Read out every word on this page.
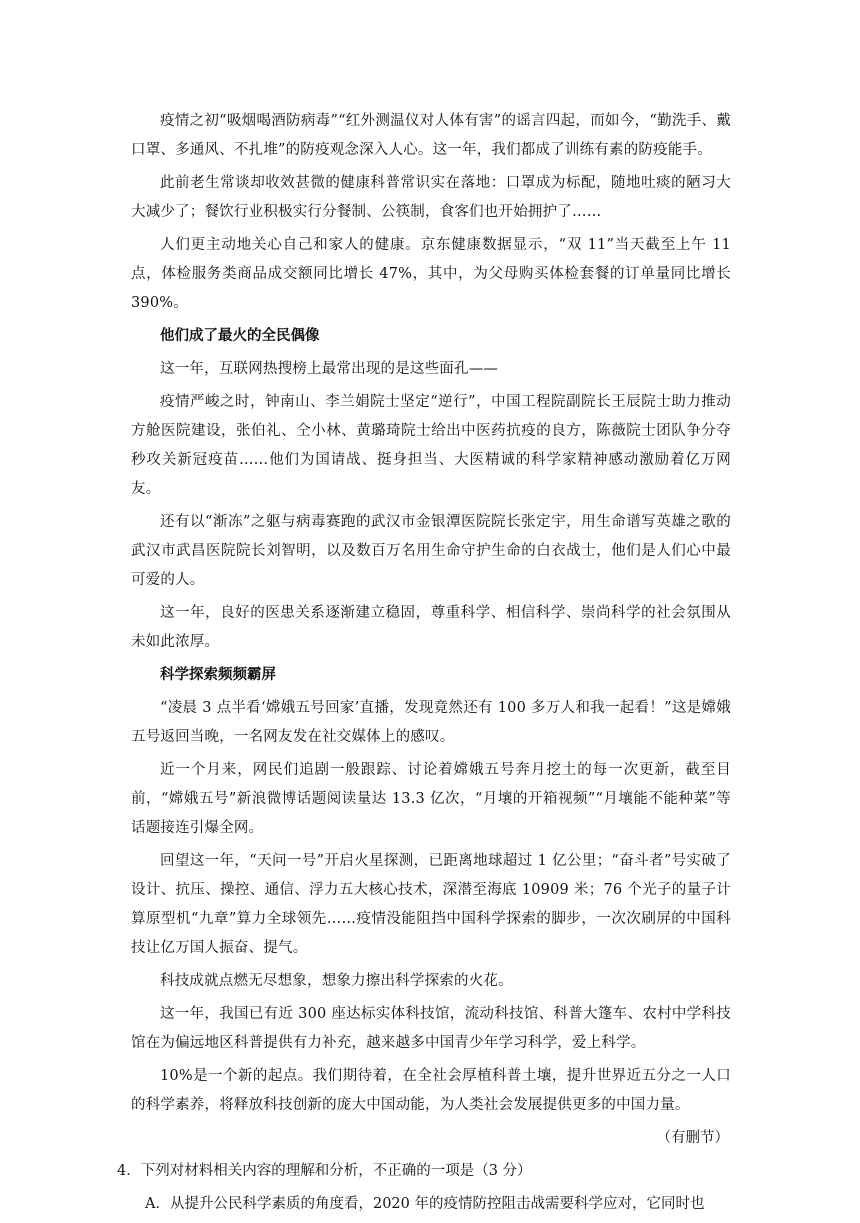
疫情之初“吸烟喝酒防病毒”“红外测温仪对人体有害”的谣言四起，而如今，“勤洗手、戴口罩、多通风、不扎堆”的防疫观念深入人心。这一年，我们都成了训练有素的防疫能手。

此前老生常谈却收效甚微的健康科普常识实在落地：口罩成为标配，随地吐痰的陋习大大减少了；餐饮行业积极实行分餐制、公筷制，食客们也开始拥护了……

人们更主动地关心自己和家人的健康。京东健康数据显示，“双 11”当天截至上午 11 点，体检服务类商品成交额同比增长 47%，其中，为父母购买体检套餐的订单量同比增长 390%。

他们成了最火的全民偶像

这一年，互联网热搜榜上最常出现的是这些面孔——

疫情严峻之时，钟南山、李兰娟院士坚定“逆行”，中国工程院副院长王辰院士助力推动方舱医院建设，张伯礼、仝小林、黄璐琦院士给出中医药抗疫的良方，陈薇院士团队争分夺秒攻关新冠疫苗……他们为国请战、挺身担当、大医精诚的科学家精神感动激励着亿万网友。

还有以“渐冻”之躯与病毒赛跑的武汉市金银潭医院院长张定宇，用生命谱写英雄之歌的武汉市武昌医院院长刘智明，以及数百万名用生命守护生命的白衣战士，他们是人们心中最可爱的人。

这一年，良好的医患关系逐渐建立稳固，尊重科学、相信科学、崇尚科学的社会氛围从未如此浓厚。

科学探索频频霸屏

“凌晨 3 点半看‘嫦娥五号回家’直播，发现竟然还有 100 多万人和我一起看！”这是嫦娥五号返回当晚，一名网友发在社交媒体上的感叹。

近一个月来，网民们追剧一般跟踪、讨论着嫦娥五号奔月挖土的每一次更新，截至目前，“嫦娥五号”新浪微博话题阅读量达 13.3 亿次，“月壤的开箱视频”“月壤能不能种菜”等话题接连引爆全网。

回望这一年，“天问一号”开启火星探测，已距离地球超过 1 亿公里；“奋斗者”号实破了设计、抗压、操控、通信、浮力五大核心技术，深潜至海底 10909 米；76 个光子的量子计算原型机“九章”算力全球领先……疫情没能阻挡中国科学探索的脚步，一次次刷屏的中国科技让亿万国人振奋、提气。

科技成就点燃无尽想象，想象力擦出科学探索的火花。

这一年，我国已有近 300 座达标实体科技馆，流动科技馆、科普大篷车、农村中学科技馆在为偏远地区科普提供有力补充，越来越多中国青少年学习科学，爱上科学。

10%是一个新的起点。我们期待着，在全社会厚植科普土壤，提升世界近五分之一人口的科学素养，将释放科技创新的庞大中国动能，为人类社会发展提供更多的中国力量。

（有删节）

4．下列对材料相关内容的理解和分析，不正确的一项是（3 分）

A．从提升公民科学素质的角度看，2020 年的疫情防控阻击战需要科学应对，它同时也
